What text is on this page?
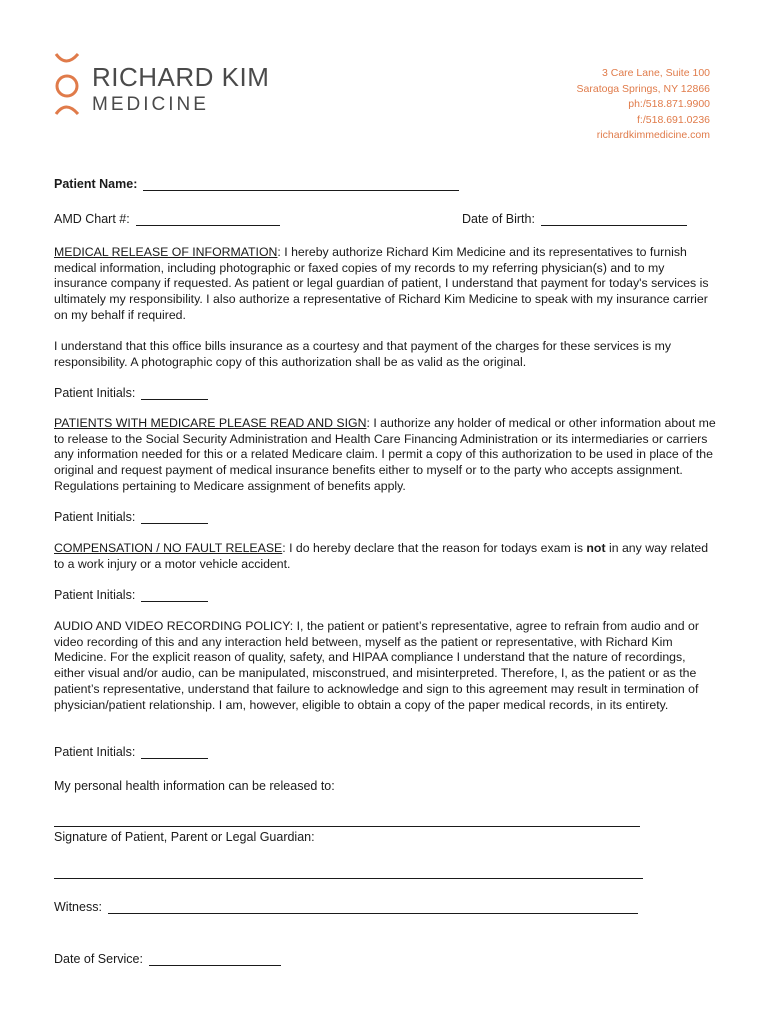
RICHARD KIM
MEDICINE
3 Care Lane, Suite 100
Saratoga Springs, NY 12866
ph:/518.871.9900
f:/518.691.0236
richardkimmedicine.com
Patient Name:
AMD Chart #:	Date of Birth:

MEDICAL RELEASE OF INFORMATION: I hereby authorize Richard Kim Medicine and its representatives to furnish medical information, including photographic or faxed copies of my records to my referring physician(s) and to my insurance company if requested. As patient or legal guardian of patient, I understand that payment for today's services is ultimately my responsibility. I also authorize a representative of Richard Kim Medicine to speak with my insurance carrier on my behalf if required.

I understand that this office bills insurance as a courtesy and that payment of the charges for these services is my responsibility. A photographic copy of this authorization shall be as valid as the original.

Patient Initials:

PATIENTS WITH MEDICARE PLEASE READ AND SIGN: I authorize any holder of medical or other information about me to release to the Social Security Administration and Health Care Financing Administration or its intermediaries or carriers any information needed for this or a related Medicare claim. I permit a copy of this authorization to be used in place of the original and request payment of medical insurance benefits either to myself or to the party who accepts assignment. Regulations pertaining to Medicare assignment of benefits apply.

Patient Initials:

COMPENSATION / NO FAULT RELEASE: I do hereby declare that the reason for todays exam is not in any way related to a work injury or a motor vehicle accident.

Patient Initials:

AUDIO AND VIDEO RECORDING POLICY: I, the patient or patient’s representative, agree to refrain from audio and or video recording of this and any interaction held between, myself as the patient or representative, with Richard Kim Medicine. For the explicit reason of quality, safety, and HIPAA compliance I understand that the nature of recordings, either visual and/or audio, can be manipulated, misconstrued, and misinterpreted. Therefore, I, as the patient or as the patient’s representative, understand that failure to acknowledge and sign to this agreement may result in termination of physician/patient relationship. I am, however, eligible to obtain a copy of the paper medical records, in its entirety.

Patient Initials:
My personal health information can be released to:
Signature of Patient, Parent or Legal Guardian:
Witness:
Date of Service:
